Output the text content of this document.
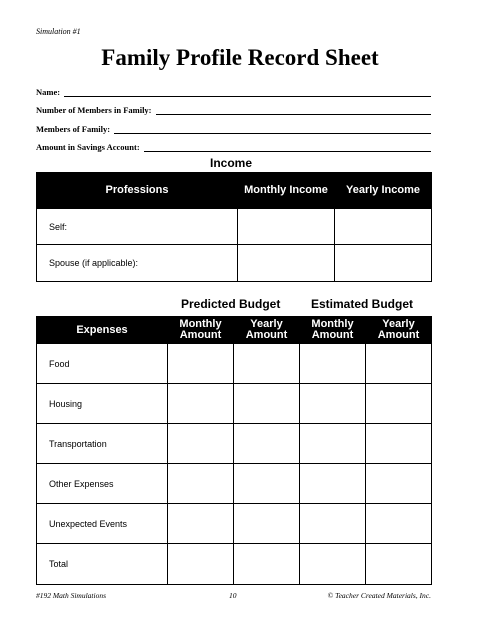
Simulation #1
Family Profile Record Sheet
Name:
Number of Members in Family:
Members of Family:
Amount in Savings Account:
Income
Professions	Monthly Income	Yearly Income
Self:		
Spouse (if applicable):		
Predicted Budget	Estimated Budget
Expenses	Monthly Amount	Yearly Amount	Monthly Amount	Yearly Amount
Food				
Housing				
Transportation				
Other Expenses				
Unexpected Events				
Total				
#192 Math Simulations	10	© Teacher Created Materials, Inc.
